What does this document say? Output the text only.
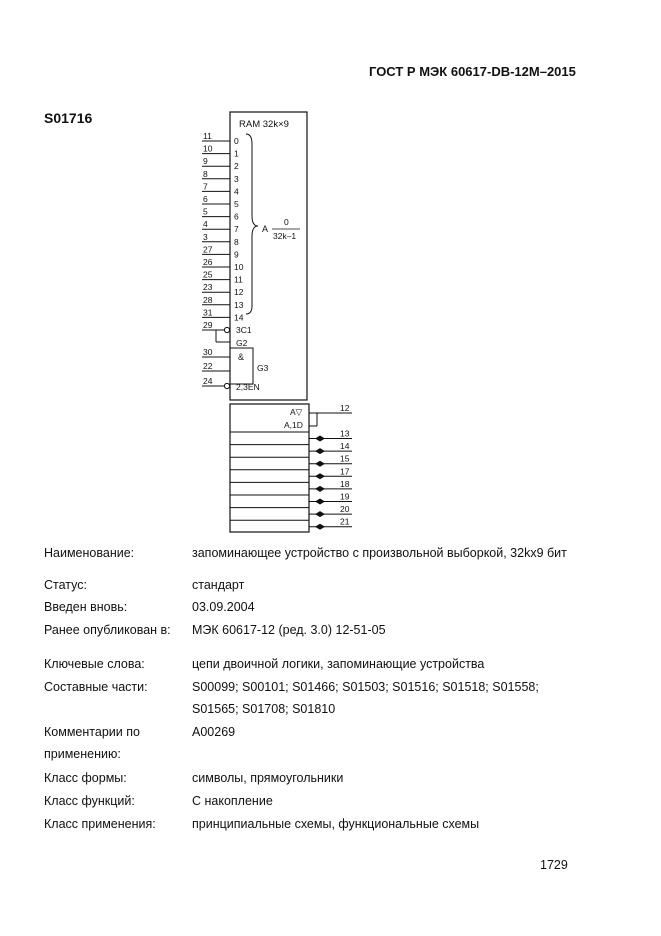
ГОСТ Р МЭК 60617-DB-12M–2015
S01716	RAM 32k×9
A
0
32k–1
11	0
10	1
9	2
8	3
7	4
6	5
5	6
4	7
3	8
27	9
26	10
25	11
23	12
28	13
31	14
29	3C1
G2
&
G3
30
22
24
2,3EN
A▽
A,1D
12
13
14
15
17
18
19
20
21
Наименование:	запоминающее устройство с произвольной выборкой, 32kx9 бит
Статус:	стандарт
Введен вновь:	03.09.2004
Ранее опубликован в:	МЭК 60617-12 (ред. 3.0) 12-51-05
Ключевые слова:	цепи двоичной логики, запоминающие устройства
Составные части:	S00099; S00101; S01466; S01503; S01516; S01518; S01558;
S01565; S01708; S01810
Комментарии по
применению:
A00269
Класс формы:	символы, прямоугольники
Класс функций:	С накопление
Класс применения:	принципиальные схемы, функциональные схемы
1729
